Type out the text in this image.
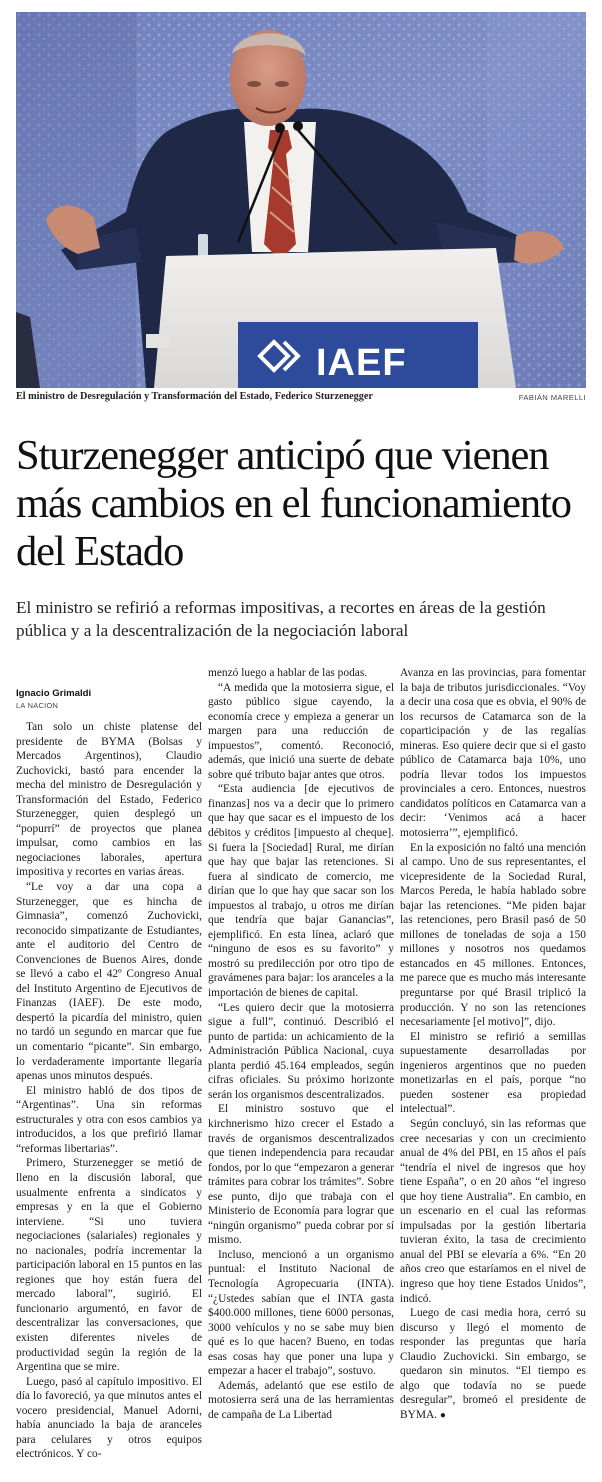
IAEF
El ministro de Desregulación y Transformación del Estado, Federico Sturzenegger	FABIÁN MARELLI
Sturzenegger anticipó que vienen más cambios en el funcionamiento del Estado

El ministro se refirió a reformas impositivas, a recortes en áreas de la gestión pública y a la descentralización de la negociación laboral

Ignacio Grimaldi
LA NACION

Tan solo un chiste platense del presidente de BYMA (Bolsas y Mercados Argentinos), Claudio Zuchovicki, bastó para encender la mecha del ministro de Desregulación y Transformación del Estado, Federico Sturzenegger, quien desplegó un “popurrí” de proyectos que planea impulsar, como cambios en las negociaciones laborales, apertura impositiva y recortes en varias áreas.

“Le voy a dar una copa a Sturzenegger, que es hincha de Gimnasia”, comenzó Zuchovicki, reconocido simpatizante de Estudiantes, ante el auditorio del Centro de Convenciones de Buenos Aires, donde se llevó a cabo el 42º Congreso Anual del Instituto Argentino de Ejecutivos de Finanzas (IAEF). De este modo, despertó la picardía del ministro, quien no tardó un segundo en marcar que fue un comentario “picante”. Sin embargo, lo verdaderamente importante llegaría apenas unos minutos después.

El ministro habló de dos tipos de “Argentinas”. Una sin reformas estructurales y otra con esos cambios ya introducidos, a los que prefirió llamar “reformas libertarias”.

Primero, Sturzenegger se metió de lleno en la discusión laboral, que usualmente enfrenta a sindicatos y empresas y en la que el Gobierno interviene. “Si uno tuviera negociaciones (salariales) regionales y no nacionales, podría incrementar la participación laboral en 15 puntos en las regiones que hoy están fuera del mercado laboral”, sugirió. El funcionario argumentó, en favor de descentralizar las conversaciones, que existen diferentes niveles de productividad según la región de la Argentina que se mire.

Luego, pasó al capítulo impositivo. El día lo favoreció, ya que minutos antes el vocero presidencial, Manuel Adorni, había anunciado la baja de aranceles para celulares y otros equipos electrónicos. Y co-

menzó luego a hablar de las podas.

“A medida que la motosierra sigue, el gasto público sigue cayendo, la economía crece y empieza a generar un margen para una reducción de impuestos”, comentó. Reconoció, además, que inició una suerte de debate sobre qué tributo bajar antes que otros.

“Esta audiencia [de ejecutivos de finanzas] nos va a decir que lo primero que hay que sacar es el impuesto de los débitos y créditos [impuesto al cheque]. Si fuera la [Sociedad] Rural, me dirían que hay que bajar las retenciones. Si fuera al sindicato de comercio, me dirían que lo que hay que sacar son los impuestos al trabajo, u otros me dirían que tendría que bajar Ganancias”, ejemplificó. En esta línea, aclaró que “ninguno de esos es su favorito” y mostró su predilección por otro tipo de gravámenes para bajar: los aranceles a la importación de bienes de capital.

“Les quiero decir que la motosierra sigue a full”, continuó. Describió el punto de partida: un achicamiento de la Administración Pública Nacional, cuya planta perdió 45.164 empleados, según cifras oficiales. Su próximo horizonte serán los organismos descentralizados.

El ministro sostuvo que el kirchnerismo hizo crecer el Estado a través de organismos descentralizados que tienen independencia para recaudar fondos, por lo que “empezaron a generar trámites para cobrar los trámites”. Sobre ese punto, dijo que trabaja con el Ministerio de Economía para lograr que “ningún organismo” pueda cobrar por sí mismo.

Incluso, mencionó a un organismo puntual: el Instituto Nacional de Tecnología Agropecuaria (INTA). “¿Ustedes sabían que el INTA gasta $400.000 millones, tiene 6000 personas, 3000 vehículos y no se sabe muy bien qué es lo que hacen? Bueno, en todas esas cosas hay que poner una lupa y empezar a hacer el trabajo”, sostuvo.

Además, adelantó que ese estilo de motosierra será una de las herramientas de campaña de La Libertad

Avanza en las provincias, para fomentar la baja de tributos jurisdiccionales. “Voy a decir una cosa que es obvia, el 90% de los recursos de Catamarca son de la coparticipación y de las regalías mineras. Eso quiere decir que si el gasto público de Catamarca baja 10%, uno podría llevar todos los impuestos provinciales a cero. Entonces, nuestros candidatos políticos en Catamarca van a decir: ‘Venimos acá a hacer motosierra’”, ejemplificó.

En la exposición no faltó una mención al campo. Uno de sus representantes, el vicepresidente de la Sociedad Rural, Marcos Pereda, le había hablado sobre bajar las retenciones. “Me piden bajar las retenciones, pero Brasil pasó de 50 millones de toneladas de soja a 150 millones y nosotros nos quedamos estancados en 45 millones. Entonces, me parece que es mucho más interesante preguntarse por qué Brasil triplicó la producción. Y no son las retenciones necesariamente [el motivo]”, dijo.

El ministro se refirió a semillas supuestamente desarrolladas por ingenieros argentinos que no pueden monetizarlas en el país, porque “no pueden sostener esa propiedad intelectual”.

Según concluyó, sin las reformas que cree necesarias y con un crecimiento anual de 4% del PBI, en 15 años el país “tendría el nivel de ingresos que hoy tiene España”, o en 20 años “el ingreso que hoy tiene Australia”. En cambio, en un escenario en el cual las reformas impulsadas por la gestión libertaria tuvieran éxito, la tasa de crecimiento anual del PBI se elevaría a 6%. “En 20 años creo que estaríamos en el nivel de ingreso que hoy tiene Estados Unidos”, indicó.

Luego de casi media hora, cerró su discurso y llegó el momento de responder las preguntas que haría Claudio Zuchovicki. Sin embargo, se quedaron sin minutos. “El tiempo es algo que todavía no se puede desregular”, bromeó el presidente de BYMA. ●
